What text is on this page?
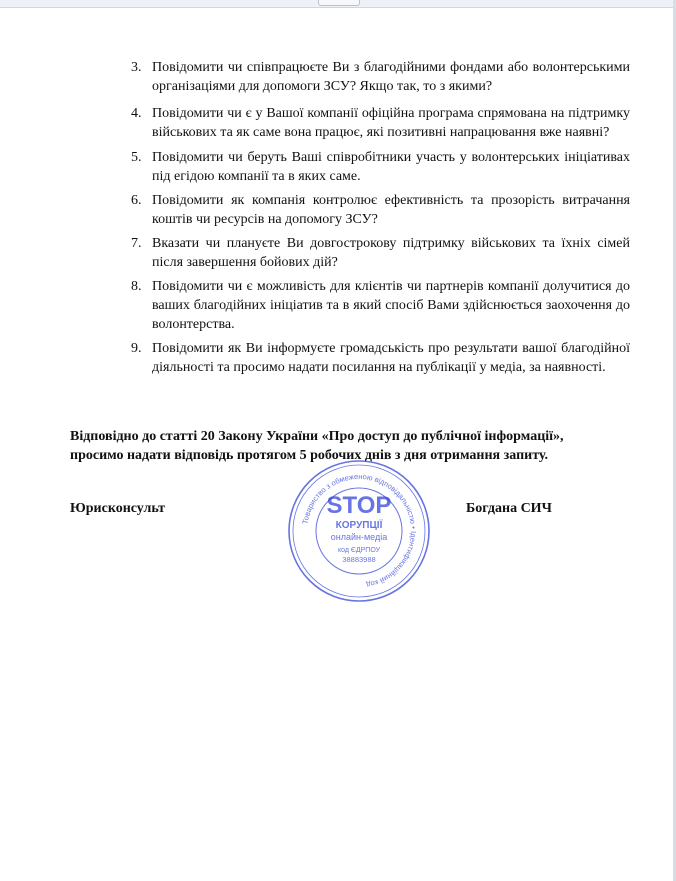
3. Повідомити чи співпрацюєте Ви з благодійними фондами або волонтерськими організаціями для допомоги ЗСУ? Якщо так, то з якими?
4. Повідомити чи є у Вашої компанії офіційна програма спрямована на підтримку військових та як саме вона працює, які позитивні напрацювання вже наявні?
5. Повідомити чи беруть Ваші співробітники участь у волонтерських ініціативах під егідою компанії та в яких саме.
6. Повідомити як компанія контролює ефективність та прозорість витрачання коштів чи ресурсів на допомогу ЗСУ?
7. Вказати чи плануєте Ви довгострокову підтримку військових та їхніх сімей після завершення бойових дій?
8. Повідомити чи є можливість для клієнтів чи партнерів компанії долучитися до ваших благодійних ініціатив та в який спосіб Вами здійснюється заохочення до волонтерства.
9. Повідомити як Ви інформуєте громадськість про результати вашої благодійної діяльності та просимо надати посилання на публікації у медіа, за наявності.
Відповідно до статті 20 Закону України «Про доступ до публічної інформації»,
просимо надати відповідь протягом 5 робочих днів з дня отримання запиту.
Юрисконсульт	Богдана СИЧ
Товариство з обмеженою відповідальністю • Ідентифікаційний код
STOP
КОРУПЦІЇ
онлайн-медіа
код ЄДРПОУ
38883988
